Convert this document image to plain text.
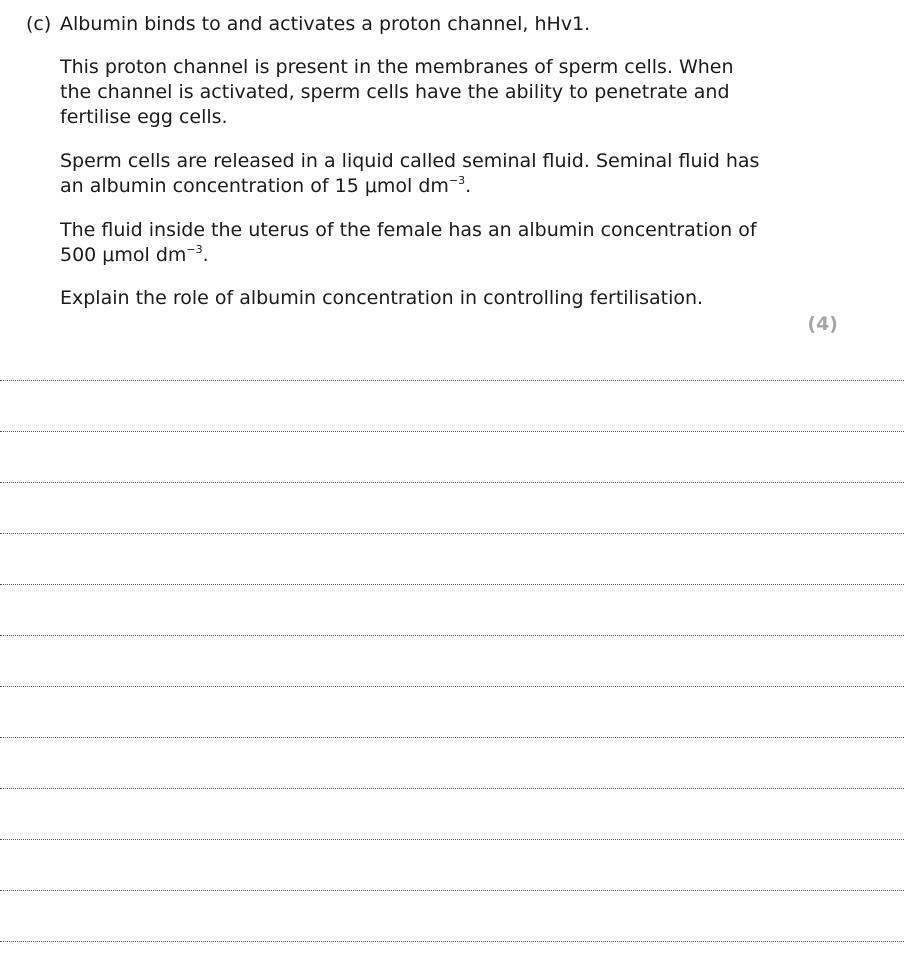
(c) Albumin binds to and activates a proton channel, hHv1.

This proton channel is present in the membranes of sperm cells. When the channel is activated, sperm cells have the ability to penetrate and fertilise egg cells.

Sperm cells are released in a liquid called seminal fluid. Seminal fluid has an albumin concentration of 15 μmol $dm^{-3}$.

The fluid inside the uterus of the female has an albumin concentration of 500 μmol $dm^{-3}$.

Explain the role of albumin concentration in controlling fertilisation.

(4)
